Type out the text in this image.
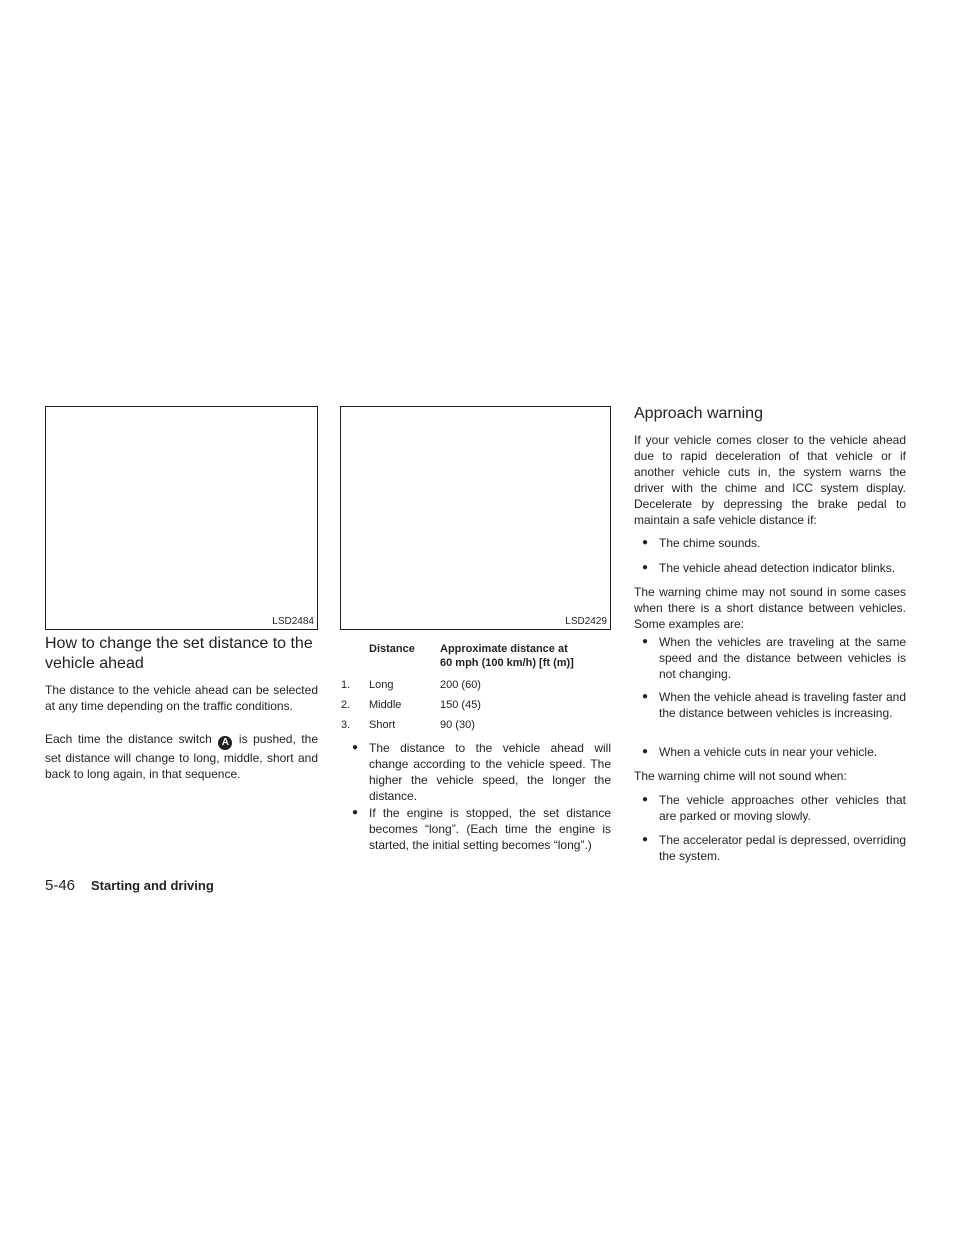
LSD2484	LSD2429
How to change the set distance to the
vehicle ahead

The distance to the vehicle ahead can be selected at any time depending on the traffic conditions.

Each time the distance switch A is pushed, the set distance will change to long, middle, short and back to long again, in that sequence.

Distance Approximate distance at
60 mph (100 km/h) [ft (m)]
1. Long	200 (60)
2. Middle	150 (45)
3. Short	90 (30)

● The distance to the vehicle ahead will change according to the vehicle speed. The higher the vehicle speed, the longer the distance.

● If the engine is stopped, the set distance becomes “long”. (Each time the engine is started, the initial setting becomes “long”.)

Approach warning

If your vehicle comes closer to the vehicle ahead due to rapid deceleration of that vehicle or if another vehicle cuts in, the system warns the driver with the chime and ICC system display. Decelerate by depressing the brake pedal to maintain a safe vehicle distance if:

● The chime sounds.

● The vehicle ahead detection indicator blinks.

The warning chime may not sound in some cases when there is a short distance between vehicles. Some examples are:

● When the vehicles are traveling at the same speed and the distance between vehicles is not changing.

● When the vehicle ahead is traveling faster and the distance between vehicles is increasing.

● When a vehicle cuts in near your vehicle.

The warning chime will not sound when:

● The vehicle approaches other vehicles that are parked or moving slowly.

● The accelerator pedal is depressed, overriding the system.

5-46 Starting and driving
